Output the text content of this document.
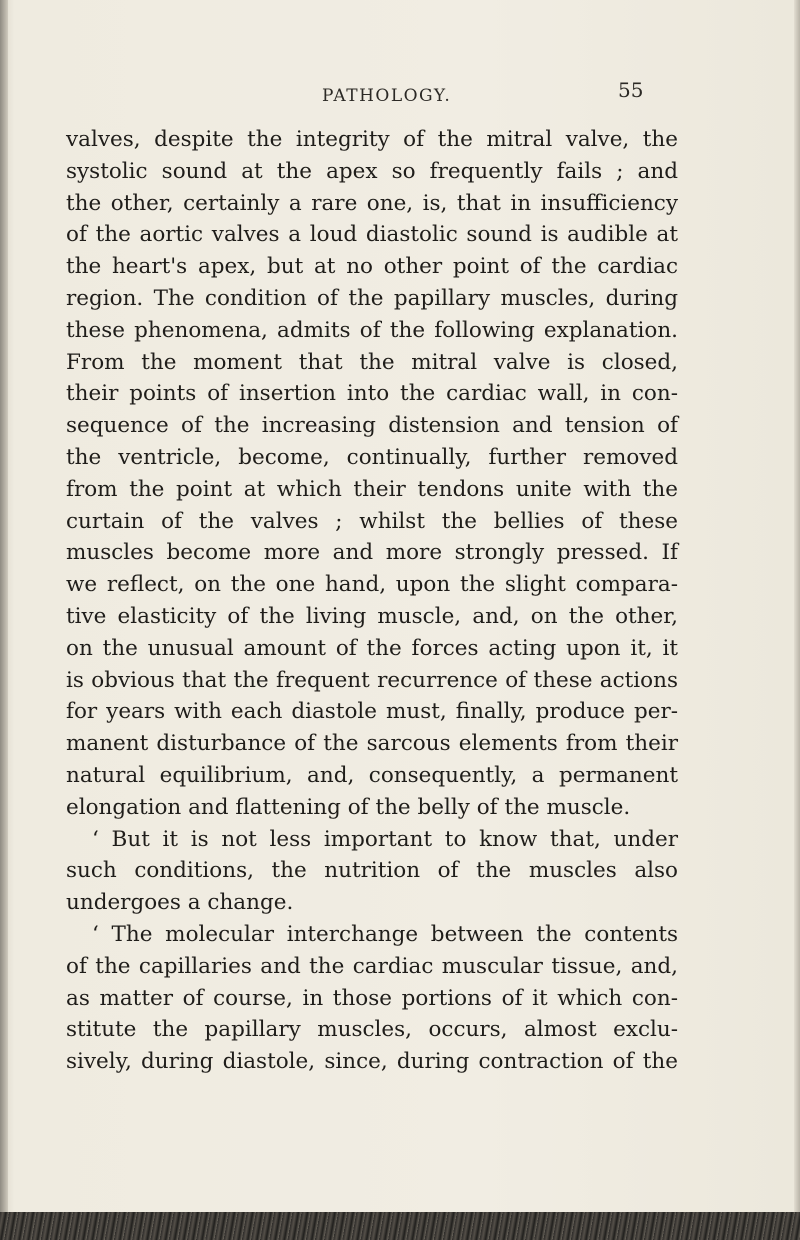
PATHOLOGY.	55
valves, despite the integrity of the mitral valve, the
systolic sound at the apex so frequently fails ; and
the other, certainly a rare one, is, that in insufficiency
of the aortic valves a loud diastolic sound is audible at
the heart's apex, but at no other point of the cardiac
region. The condition of the papillary muscles, during
these phenomena, admits of the following explanation.
From the moment that the mitral valve is closed,
their points of insertion into the cardiac wall, in con-
sequence of the increasing distension and tension of
the ventricle, become, continually, further removed
from the point at which their tendons unite with the
curtain of the valves ; whilst the bellies of these
muscles become more and more strongly pressed. If
we reflect, on the one hand, upon the slight compara-
tive elasticity of the living muscle, and, on the other,
on the unusual amount of the forces acting upon it, it
is obvious that the frequent recurrence of these actions
for years with each diastole must, finally, produce per-
manent disturbance of the sarcous elements from their
natural equilibrium, and, consequently, a permanent
elongation and flattening of the belly of the muscle.
‘ But it is not less important to know that, under
such conditions, the nutrition of the muscles also
undergoes a change.
‘ The molecular interchange between the contents
of the capillaries and the cardiac muscular tissue, and,
as matter of course, in those portions of it which con-
stitute the papillary muscles, occurs, almost exclu-
sively, during diastole, since, during contraction of the
